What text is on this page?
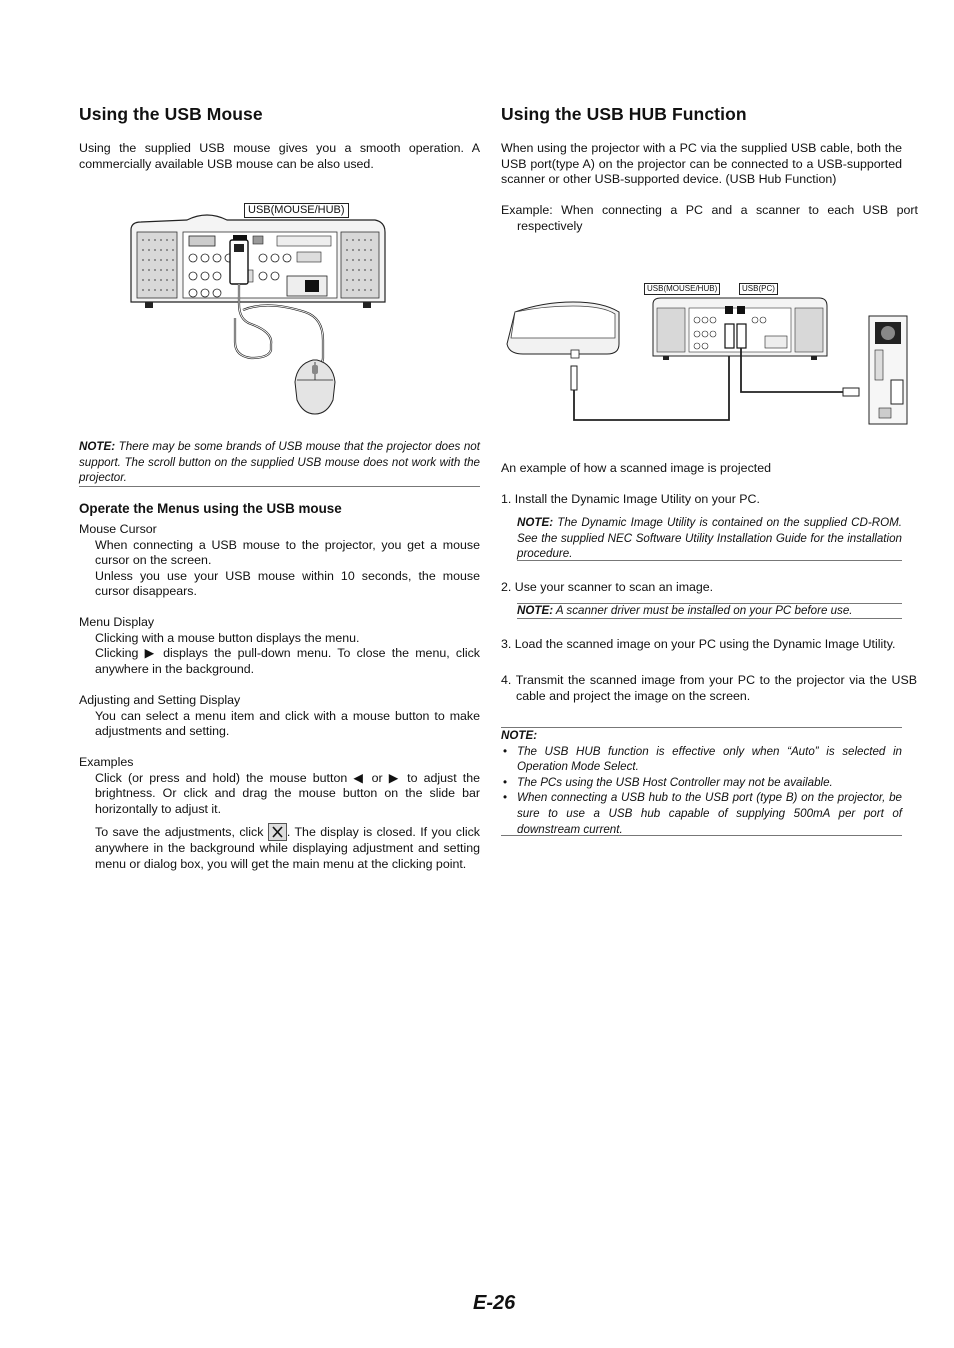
Using the USB Mouse

Using the supplied USB mouse gives you a smooth operation. A commercially available USB mouse can be also used.

USB(MOUSE/HUB)
NOTE: There may be some brands of USB mouse that the projector does not support. The scroll button on the supplied USB mouse does not work with the projector.
Operate the Menus using the USB mouse
Mouse Cursor
When connecting a USB mouse to the projector, you get a mouse cursor on the screen.
Unless you use your USB mouse within 10 seconds, the mouse cursor disappears.
Menu Display
Clicking with a mouse button displays the menu.
Clicking ▶ displays the pull-down menu. To close the menu, click anywhere in the background.
Adjusting and Setting Display
You can select a menu item and click with a mouse button to make adjustments and setting.
Examples
Click (or press and hold) the mouse button ◀ or ▶ to adjust the brightness. Or click and drag the mouse button on the slide bar horizontally to adjust it.
To save the adjustments, click . The display is closed. If you click anywhere in the background while displaying adjustment and setting menu or dialog box, you will get the main menu at the clicking point.
Using the USB HUB Function

When using the projector with a PC via the supplied USB cable, both the USB port(type A) on the projector can be connected to a USB-supported scanner or other USB-supported device. (USB Hub Function)

Example: When connecting a PC and a scanner to each USB port respectively

USB(MOUSE/HUB)	USB(PC)

An example of how a scanned image is projected

1. Install the Dynamic Image Utility on your PC.

NOTE: The Dynamic Image Utility is contained on the supplied CD-ROM. See the supplied NEC Software Utility Installation Guide for the installation procedure.

2. Use your scanner to scan an image.

NOTE: A scanner driver must be installed on your PC before use.

3. Load the scanned image on your PC using the Dynamic Image Utility.

4. Transmit the scanned image from your PC to the projector via the USB cable and project the image on the screen.

NOTE:
• The USB HUB function is effective only when “Auto” is selected in Operation Mode Select.
• The PCs using the USB Host Controller may not be available.
• When connecting a USB hub to the USB port (type B) on the projector, be sure to use a USB hub capable of supplying 500mA per port of downstream current.
E-26
